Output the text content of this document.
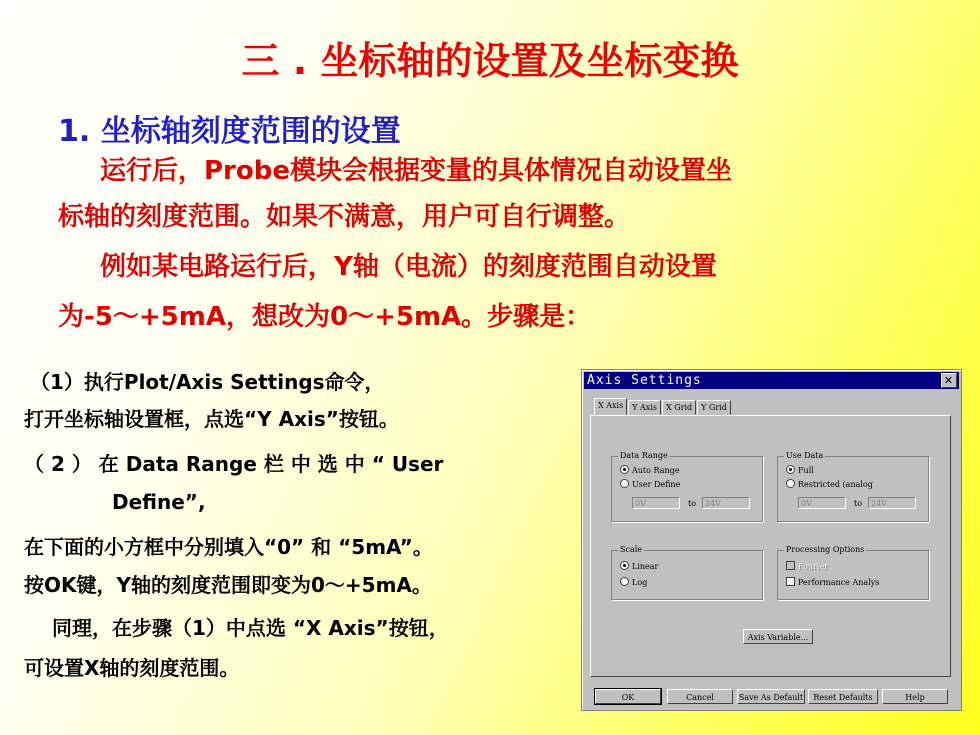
三 . 坐标轴的设置及坐标变换
1. 坐标轴刻度范围的设置
运行后，Probe模块会根据变量的具体情况自动设置坐
标轴的刻度范围。如果不满意，用户可自行调整。
例如某电路运行后，Y轴（电流）的刻度范围自动设置
为-5～+5mA，想改为0～+5mA。步骤是：
（1）执行Plot/Axis Settings命令，
打开坐标轴设置框，点选“Y Axis”按钮。
（ 2 ） 在 Data Range 栏 中 选 中 “ User
Define”,
在下面的小方框中分别填入“0” 和 “5mA”。
按OK键，Y轴的刻度范围即变为0～+5mA。
同理，在步骤（1）中点选 “X Axis”按钮，
可设置X轴的刻度范围。
Axis Settings	✕
X Axis	Y Axis	X Grid	Y Grid
Data Range
Auto Range
User Define
0V	to	24V
Use Data
Full
Restricted (analog
0V	to	24V
Scale
Linear
Log
Processing Options
Fourier
Performance Analys
Axis Variable...
OK	Cancel	Save As Default	Reset Defaults	Help
